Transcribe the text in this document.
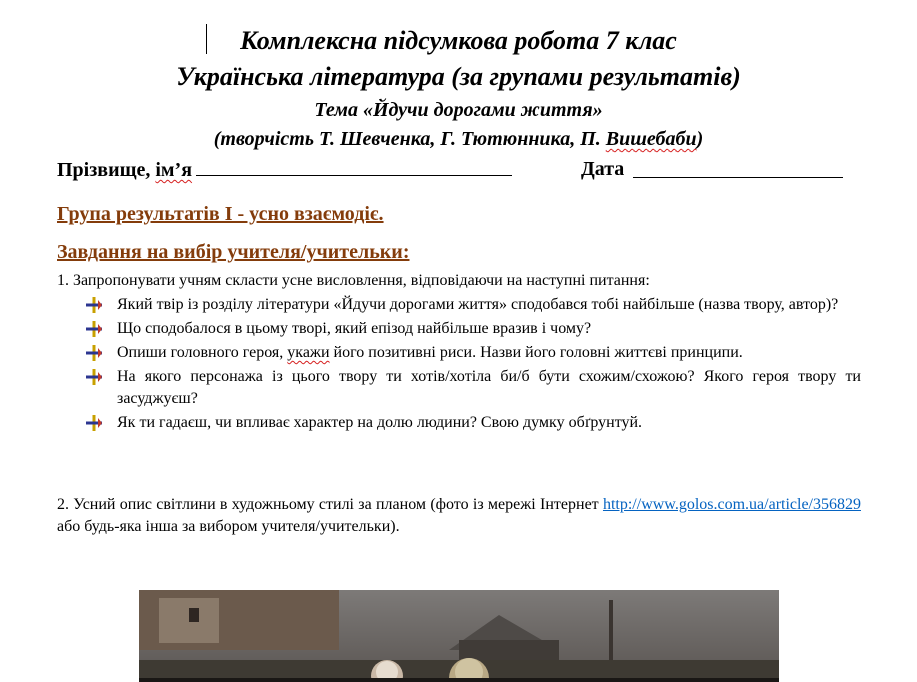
Комплексна підсумкова робота 7 клас
Українська література (за групами результатів)
Тема «Йдучи дорогами життя»
(творчість Т. Шевченка, Г. Тютюнника, П. Вишебаби)
Прізвище, ім’я	Дата
Група результатів І - усно взаємодіє.
Завдання на вибір учителя/учительки:
1. Запропонувати учням скласти усне висловлення, відповідаючи на наступні питання:
Який твір із розділу літератури «Йдучи дорогами життя» сподобався тобі найбільше (назва твору, автор)?
Що сподобалося в цьому творі, який епізод найбільше вразив і чому?
Опиши головного героя, укажи його позитивні риси. Назви його головні життєві принципи.
На якого персонажа із цього твору ти хотів/хотіла би/б бути схожим/схожою? Якого героя твору ти засуджуєш?
Як ти гадаєш, чи впливає характер на долю людини? Свою думку обґрунтуй.
2. Усний опис світлини в художньому стилі за планом (фото із мережі Інтернет http://www.golos.com.ua/article/356829 або будь-яка інша за вибором учителя/учительки).
